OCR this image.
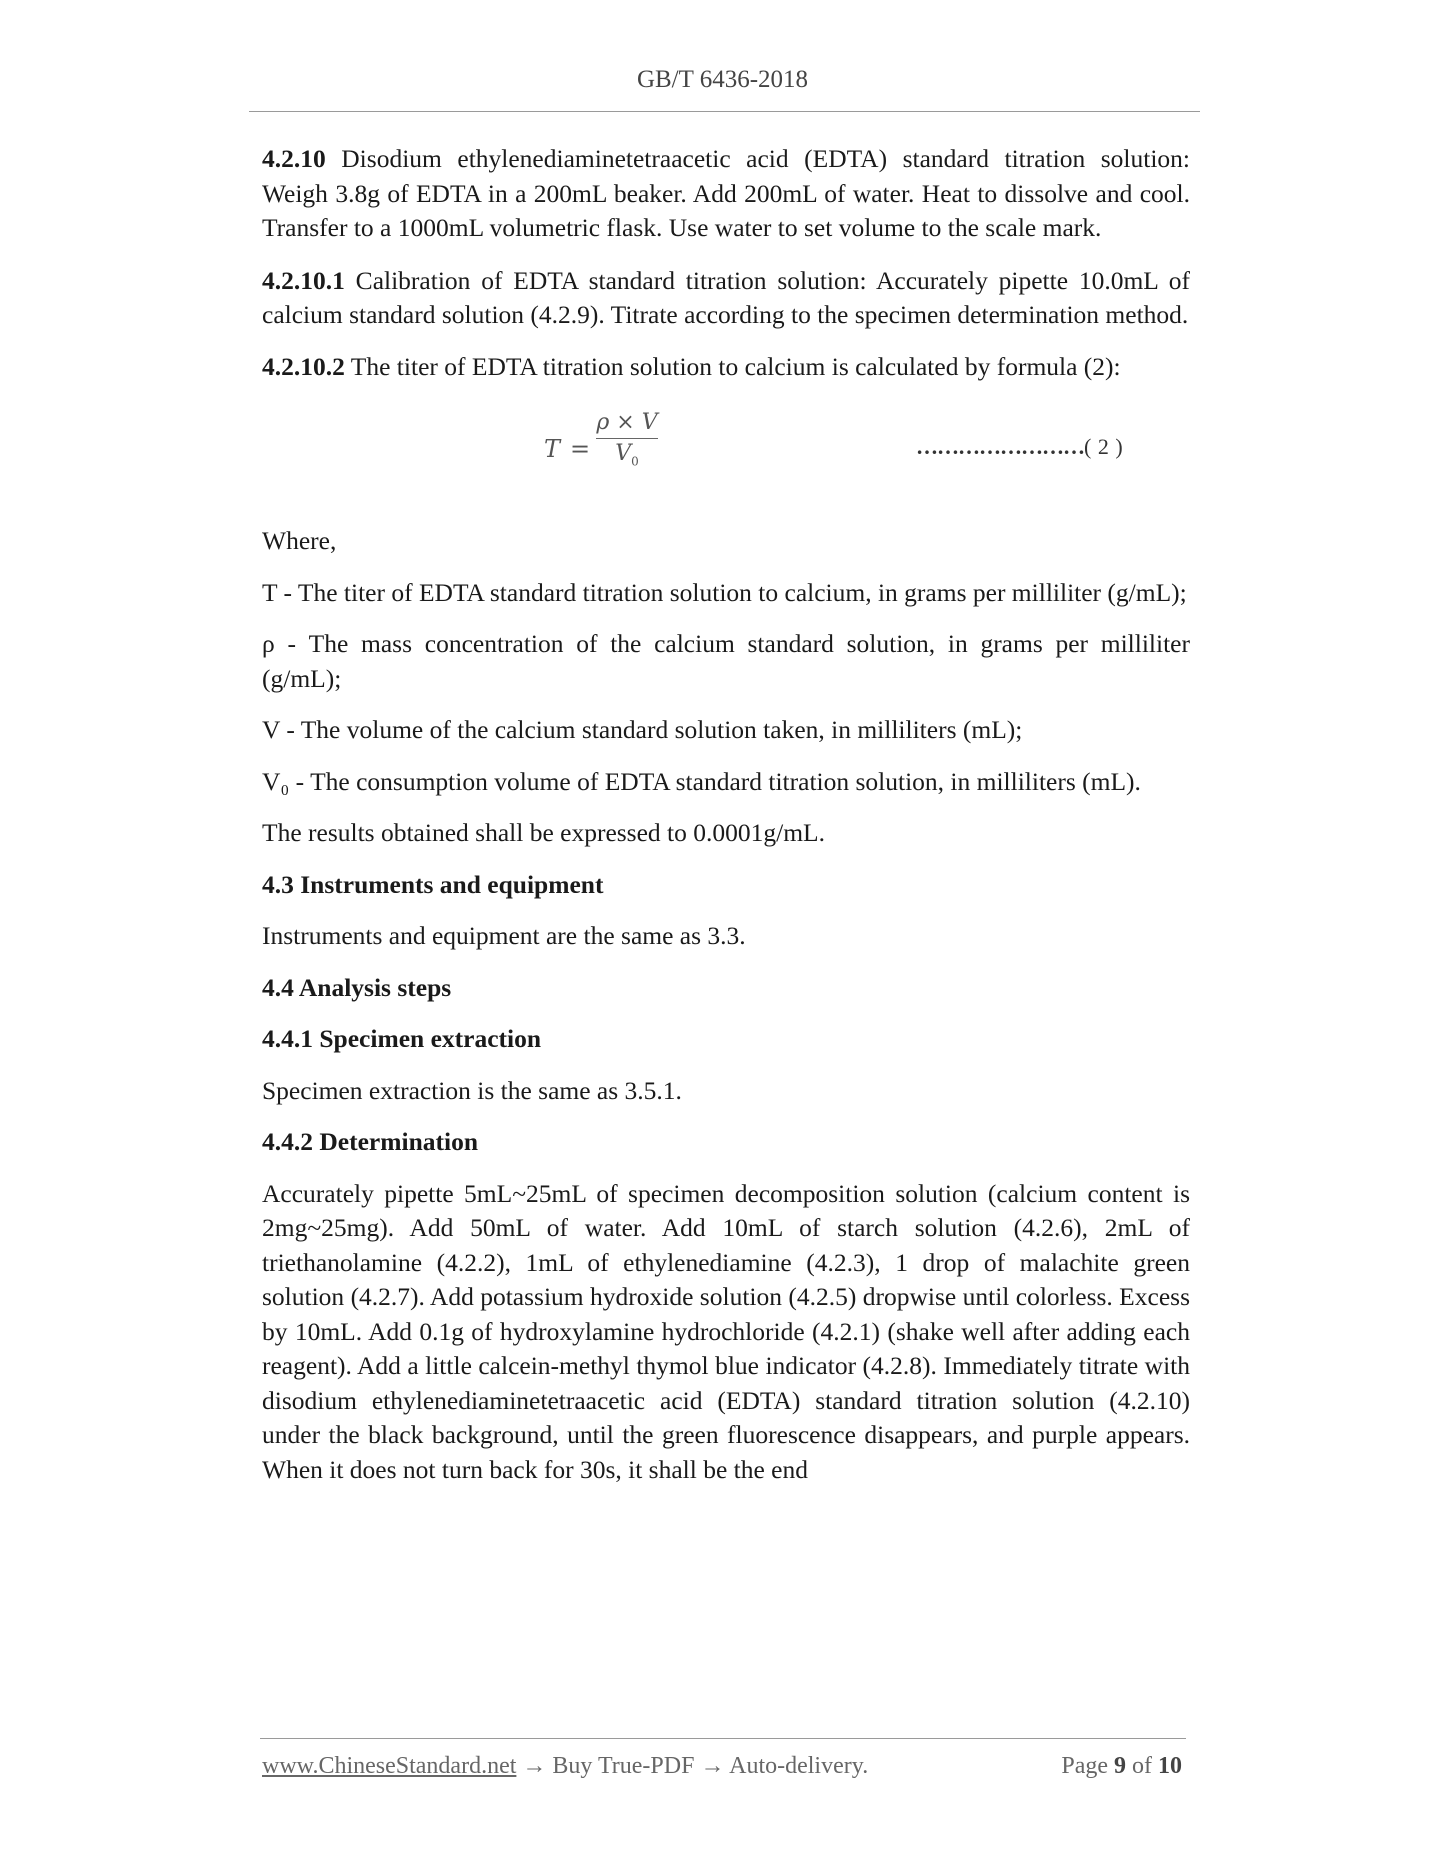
GB/T 6436-2018

4.2.10 Disodium ethylenediaminetetraacetic acid (EDTA) standard titration solution: Weigh 3.8g of EDTA in a 200mL beaker. Add 200mL of water. Heat to dissolve and cool. Transfer to a 1000mL volumetric flask. Use water to set volume to the scale mark.

4.2.10.1 Calibration of EDTA standard titration solution: Accurately pipette 10.0mL of calcium standard solution (4.2.9). Titrate according to the specimen determination method.

4.2.10.2 The titer of EDTA titration solution to calcium is calculated by formula (2):

T =
ρ × V
$V_0$
……………………( 2 )

Where,

T - The titer of EDTA standard titration solution to calcium, in grams per milliliter (g/mL);

ρ - The mass concentration of the calcium standard solution, in grams per milliliter (g/mL);

V - The volume of the calcium standard solution taken, in milliliters (mL);

V₀ - The consumption volume of EDTA standard titration solution, in milliliters (mL).

The results obtained shall be expressed to 0.0001g/mL.

4.3 Instruments and equipment

Instruments and equipment are the same as 3.3.

4.4 Analysis steps

4.4.1 Specimen extraction

Specimen extraction is the same as 3.5.1.

4.4.2 Determination

Accurately pipette 5mL~25mL of specimen decomposition solution (calcium content is 2mg~25mg). Add 50mL of water. Add 10mL of starch solution (4.2.6), 2mL of triethanolamine (4.2.2), 1mL of ethylenediamine (4.2.3), 1 drop of malachite green solution (4.2.7). Add potassium hydroxide solution (4.2.5) dropwise until colorless. Excess by 10mL. Add 0.1g of hydroxylamine hydrochloride (4.2.1) (shake well after adding each reagent). Add a little calcein-methyl thymol blue indicator (4.2.8). Immediately titrate with disodium ethylenediaminetetraacetic acid (EDTA) standard titration solution (4.2.10) under the black background, until the green fluorescence disappears, and purple appears. When it does not turn back for 30s, it shall be the end

www.ChineseStandard.net → Buy True-PDF → Auto-delivery.	Page 9 of 10
